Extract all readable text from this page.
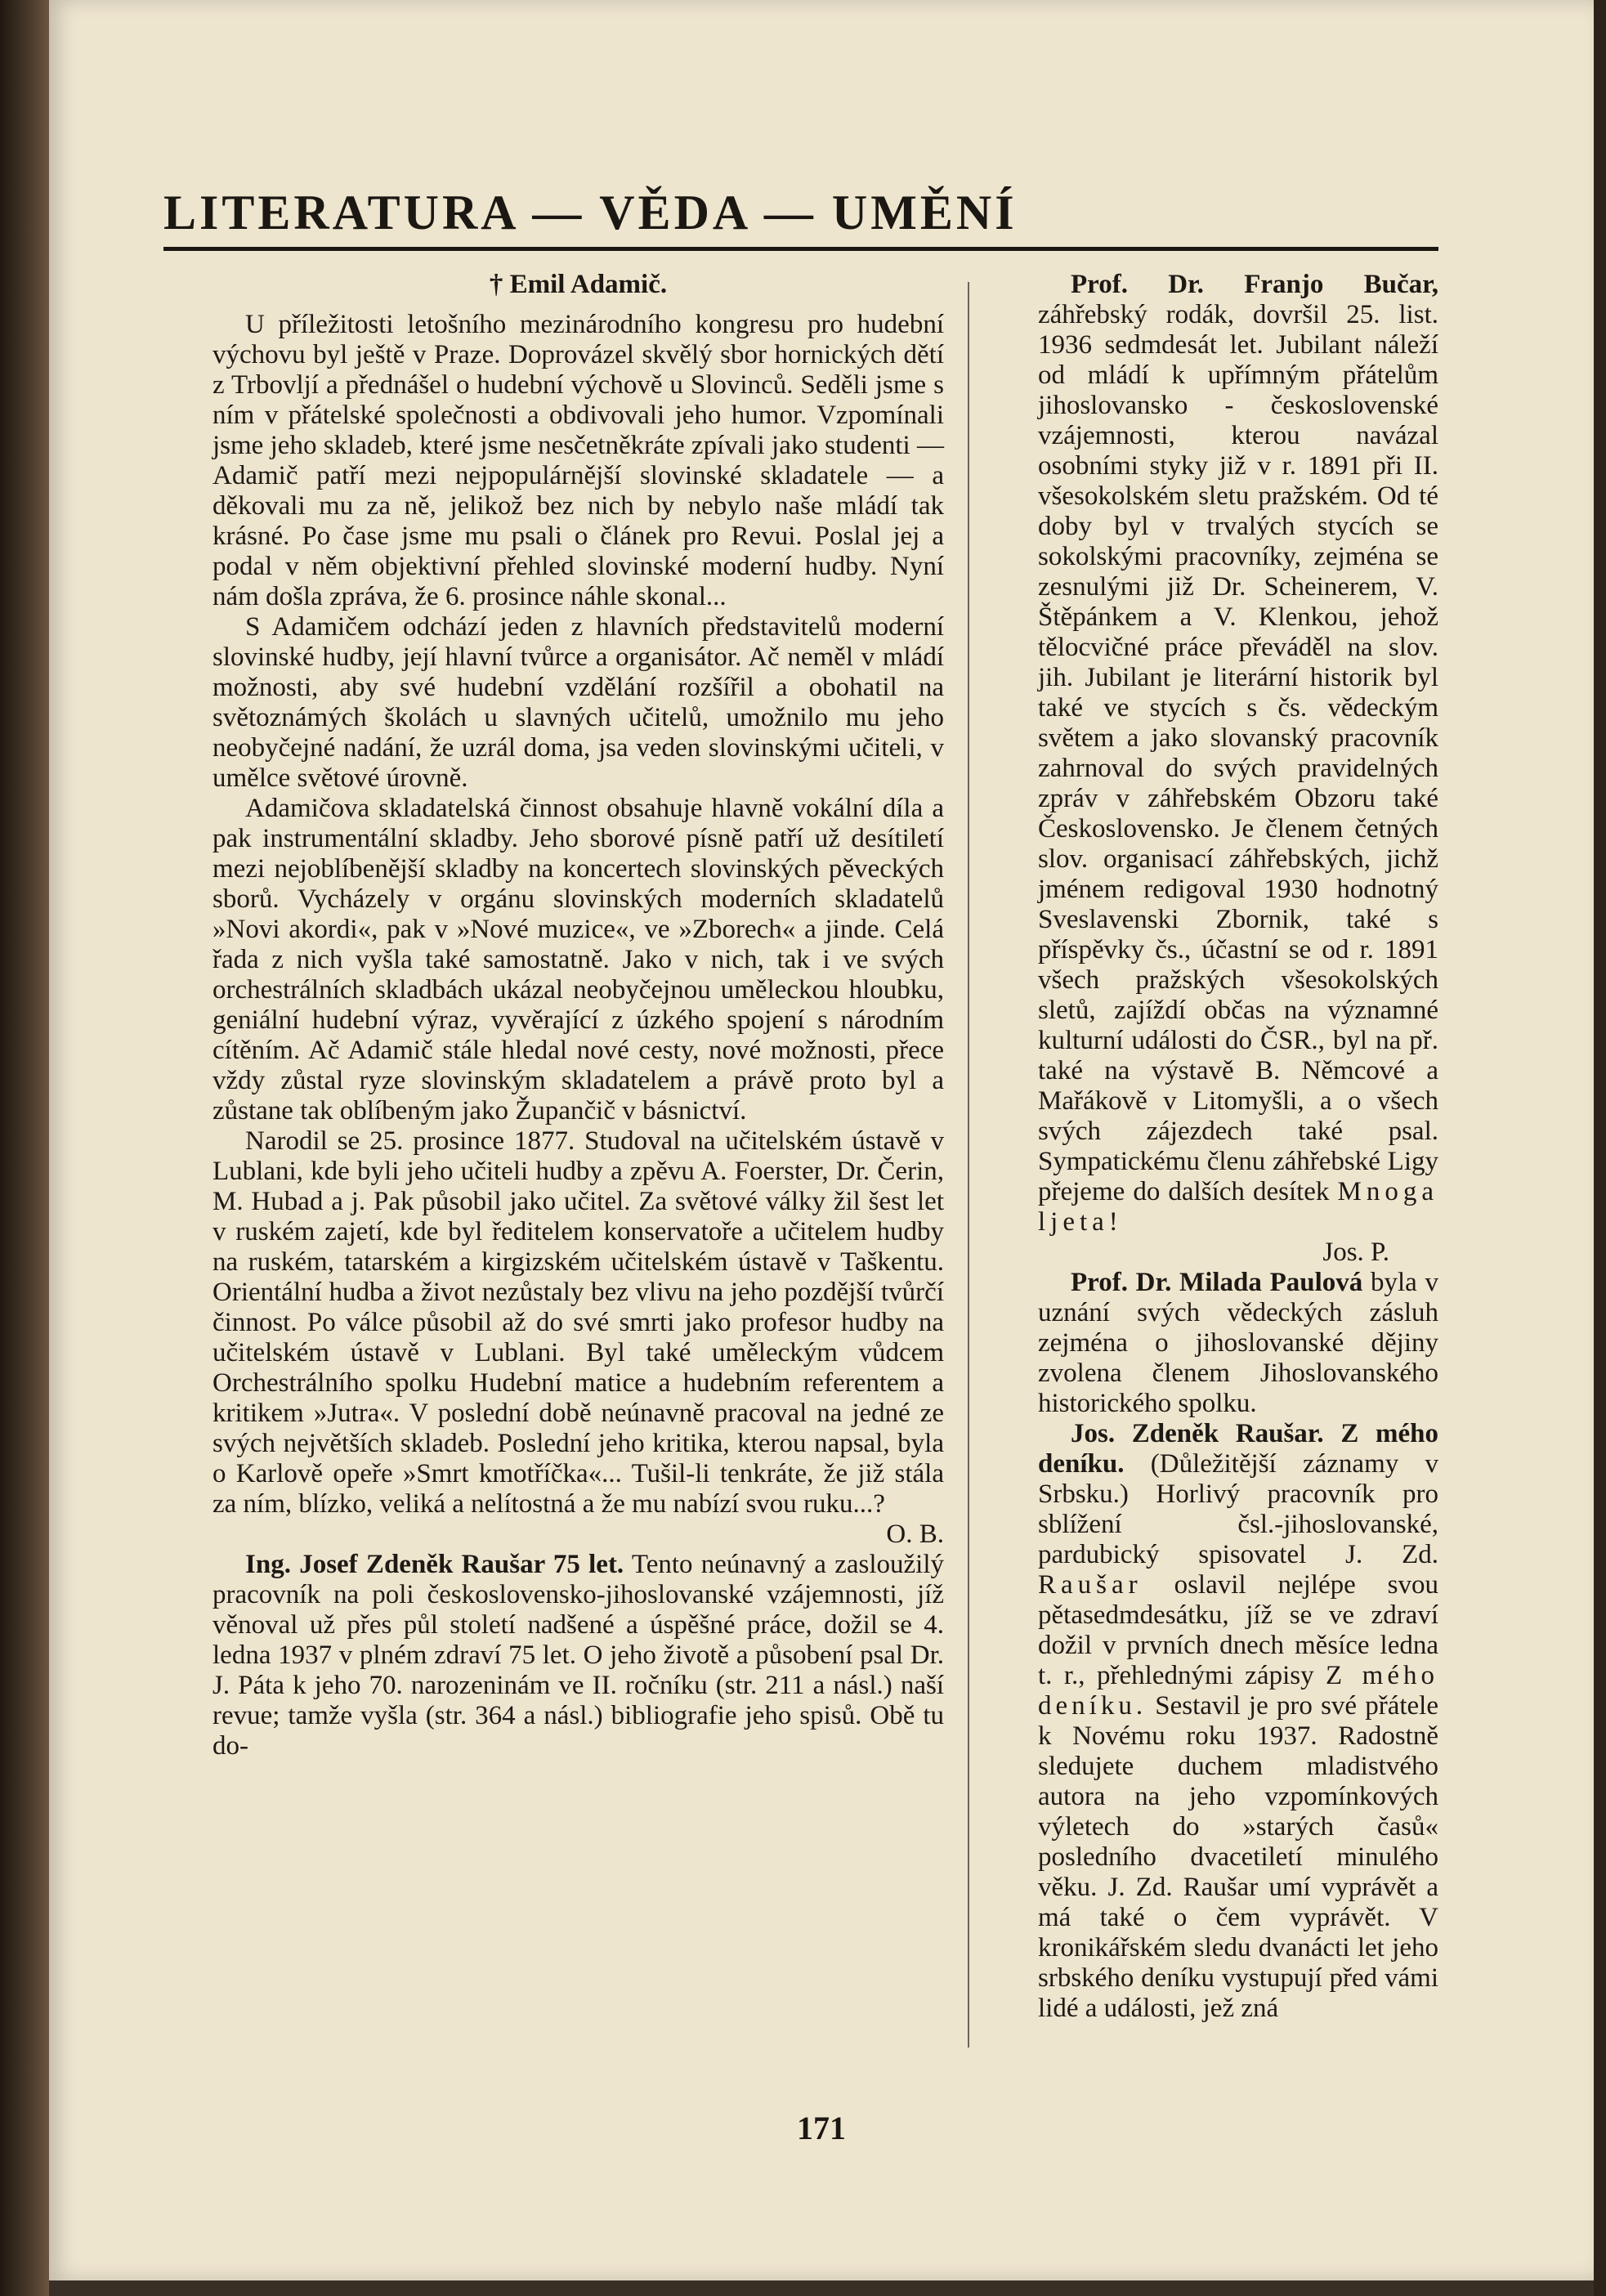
LITERATURA — VĚDA — UMĚNÍ
† Emil Adamič.

U příležitosti letošního mezinárodního kongresu pro hudební výchovu byl ještě v Praze. Doprovázel skvělý sbor hornických dětí z Trbovljí a přednášel o hudební výchově u Slovinců. Seděli jsme s ním v přátelské společnosti a obdivovali jeho humor. Vzpomínali jsme jeho skladeb, které jsme nesčetněkráte zpívali jako studenti — Adamič patří mezi nejpopulárnější slovinské skladatele — a děkovali mu za ně, jelikož bez nich by nebylo naše mládí tak krásné. Po čase jsme mu psali o článek pro Revui. Poslal jej a podal v něm objektivní přehled slovinské moderní hudby. Nyní nám došla zpráva, že 6. prosince náhle skonal...

S Adamičem odchází jeden z hlavních představitelů moderní slovinské hudby, její hlavní tvůrce a organisátor. Ač neměl v mládí možnosti, aby své hudební vzdělání rozšířil a obohatil na světoznámých školách u slavných učitelů, umožnilo mu jeho neobyčejné nadání, že uzrál doma, jsa veden slovinskými učiteli, v umělce světové úrovně.

Adamičova skladatelská činnost obsahuje hlavně vokální díla a pak instrumentální skladby. Jeho sborové písně patří už desítiletí mezi nejoblíbenější skladby na koncertech slovinských pěveckých sborů. Vycházely v orgánu slovinských moderních skladatelů »Novi akordi«, pak v »Nové muzice«, ve »Zborech« a jinde. Celá řada z nich vyšla také samostatně. Jako v nich, tak i ve svých orchestrálních skladbách ukázal neobyčejnou uměleckou hloubku, geniální hudební výraz, vyvěrající z úzkého spojení s národním cítěním. Ač Adamič stále hledal nové cesty, nové možnosti, přece vždy zůstal ryze slovinským skladatelem a právě proto byl a zůstane tak oblíbeným jako Župančič v básnictví.

Narodil se 25. prosince 1877. Studoval na učitelském ústavě v Lublani, kde byli jeho učiteli hudby a zpěvu A. Foerster, Dr. Čerin, M. Hubad a j. Pak působil jako učitel. Za světové války žil šest let v ruském zajetí, kde byl ředitelem konservatoře a učitelem hudby na ruském, tatarském a kirgizském učitelském ústavě v Taškentu. Orientální hudba a život nezůstaly bez vlivu na jeho pozdější tvůrčí činnost. Po válce působil až do své smrti jako profesor hudby na učitelském ústavě v Lublani. Byl také uměleckým vůdcem Orchestrálního spolku Hudební matice a hudebním referentem a kritikem »Jutra«. V poslední době neúnavně pracoval na jedné ze svých největších skladeb. Poslední jeho kritika, kterou napsal, byla o Karlově opeře »Smrt kmotříčka«... Tušil-li tenkráte, že již stála za ním, blízko, veliká a nelítostná a že mu nabízí svou ruku...?

O. B.

Ing. Josef Zdeněk Raušar 75 let. Tento neúnavný a zasloužilý pracovník na poli československo-jihoslovanské vzájemnosti, jíž věnoval už přes půl století nadšené a úspěšné práce, dožil se 4. ledna 1937 v plném zdraví 75 let. O jeho životě a působení psal Dr. J. Páta k jeho 70. narozeninám ve II. ročníku (str. 211 a násl.) naší revue; tamže vyšla (str. 364 a násl.) bibliografie jeho spisů. Obě tu do-

Prof. Dr. Franjo Bučar, záhřebský rodák, dovršil 25. list. 1936 sedmdesát let. Jubilant náleží od mládí k upřímným přátelům jihoslovansko - československé vzájemnosti, kterou navázal osobními styky již v r. 1891 při II. všesokolském sletu pražském. Od té doby byl v trvalých stycích se sokolskými pracovníky, zejména se zesnulými již Dr. Scheinerem, V. Štěpánkem a V. Klenkou, jehož tělocvičné práce převáděl na slov. jih. Jubilant je literární historik byl také ve stycích s čs. vědeckým světem a jako slovanský pracovník zahrnoval do svých pravidelných zpráv v záhřebském Obzoru také Československo. Je členem četných slov. organisací záhřebských, jichž jménem redigoval 1930 hodnotný Sveslavenski Zbornik, také s příspěvky čs., účastní se od r. 1891 všech pražských všesokolských sletů, zajíždí občas na významné kulturní události do ČSR., byl na př. také na výstavě B. Němcové a Mařákově v Litomyšli, a o všech svých zájezdech také psal. Sympatickému členu záhřebské Ligy přejeme do dalších desítek Mnoga ljeta!

Jos. P.

Prof. Dr. Milada Paulová byla v uznání svých vědeckých zásluh zejména o jihoslovanské dějiny zvolena členem Jihoslovanského historického spolku.

Jos. Zdeněk Raušar. Z mého deníku. (Důležitější záznamy v Srbsku.) Horlivý pracovník pro sblížení čsl.-jihoslovanské, pardubický spisovatel J. Zd. Raušar oslavil nejlépe svou pětasedmdesátku, jíž se ve zdraví dožil v prvních dnech měsíce ledna t. r., přehlednými zápisy Z mého deníku. Sestavil je pro své přátele k Novému roku 1937. Radostně sledujete duchem mladistvého autora na jeho vzpomínkových výletech do »starých časů« posledního dvacetiletí minulého věku. J. Zd. Raušar umí vyprávět a má také o čem vyprávět. V kronikářském sledu dvanácti let jeho srbského deníku vystupují před vámi lidé a události, jež zná

171
